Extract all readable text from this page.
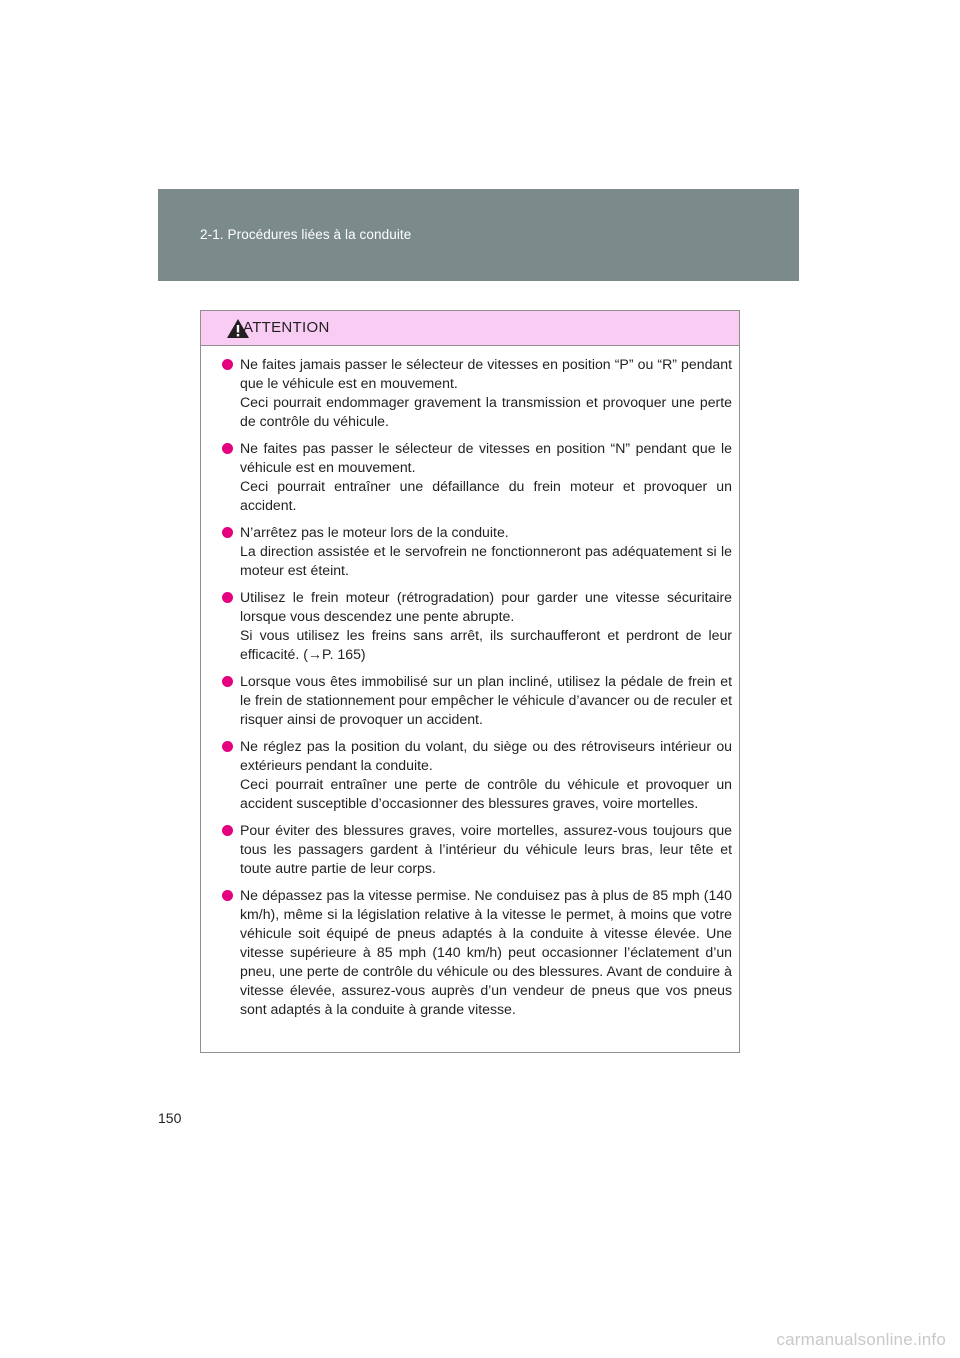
2-1. Procédures liées à la conduite
ATTENTION

Ne faites jamais passer le sélecteur de vitesses en position “P” ou “R” pendant que le véhicule est en mouvement.

Ceci pourrait endommager gravement la transmission et provoquer une perte de contrôle du véhicule.

Ne faites pas passer le sélecteur de vitesses en position “N” pendant que le véhicule est en mouvement.

Ceci pourrait entraîner une défaillance du frein moteur et provoquer un accident.

N’arrêtez pas le moteur lors de la conduite.

La direction assistée et le servofrein ne fonctionneront pas adéquatement si le moteur est éteint.

Utilisez le frein moteur (rétrogradation) pour garder une vitesse sécuritaire lorsque vous descendez une pente abrupte.

Si vous utilisez les freins sans arrêt, ils surchaufferont et perdront de leur efficacité. (→P. 165)

Lorsque vous êtes immobilisé sur un plan incliné, utilisez la pédale de frein et le frein de stationnement pour empêcher le véhicule d’avancer ou de reculer et risquer ainsi de provoquer un accident.

Ne réglez pas la position du volant, du siège ou des rétroviseurs intérieur ou extérieurs pendant la conduite.

Ceci pourrait entraîner une perte de contrôle du véhicule et provoquer un accident susceptible d’occasionner des blessures graves, voire mortelles.

Pour éviter des blessures graves, voire mortelles, assurez-vous toujours que tous les passagers gardent à l’intérieur du véhicule leurs bras, leur tête et toute autre partie de leur corps.

Ne dépassez pas la vitesse permise. Ne conduisez pas à plus de 85 mph (140 km/h), même si la législation relative à la vitesse le permet, à moins que votre véhicule soit équipé de pneus adaptés à la conduite à vitesse élevée. Une vitesse supérieure à 85 mph (140 km/h) peut occasionner l’éclatement d’un pneu, une perte de contrôle du véhicule ou des blessures. Avant de conduire à vitesse élevée, assurez-vous auprès d’un vendeur de pneus que vos pneus sont adaptés à la conduite à grande vitesse.

150
carmanualsonline.info
